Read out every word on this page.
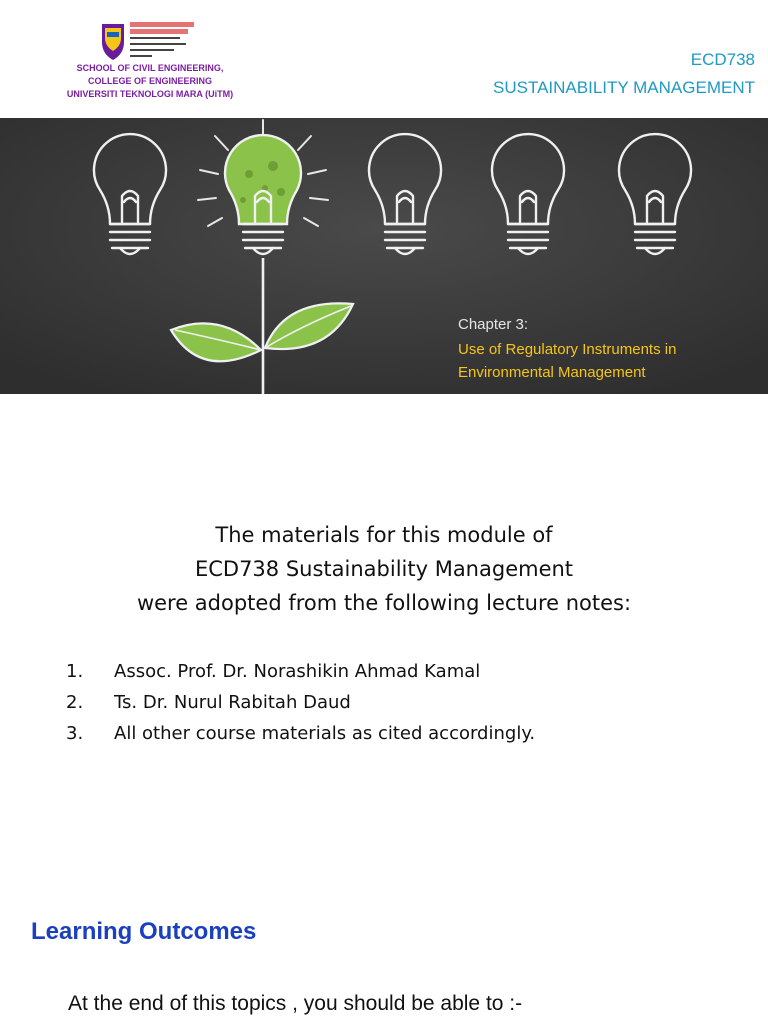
SCHOOL OF CIVIL ENGINEERING,
COLLEGE OF ENGINEERING
UNIVERSITI TEKNOLOGI MARA (UiTM)
ECD738
SUSTAINABILITY MANAGEMENT
Chapter 3:
Use of Regulatory Instruments in
Environmental Management
The materials for this module of
ECD738 Sustainability Management
were adopted from the following lecture notes:
1. Assoc. Prof. Dr. Norashikin Ahmad Kamal
2. Ts. Dr. Nurul Rabitah Daud
3. All other course materials as cited accordingly.
Learning Outcomes
At the end of this topics , you should be able to :-
